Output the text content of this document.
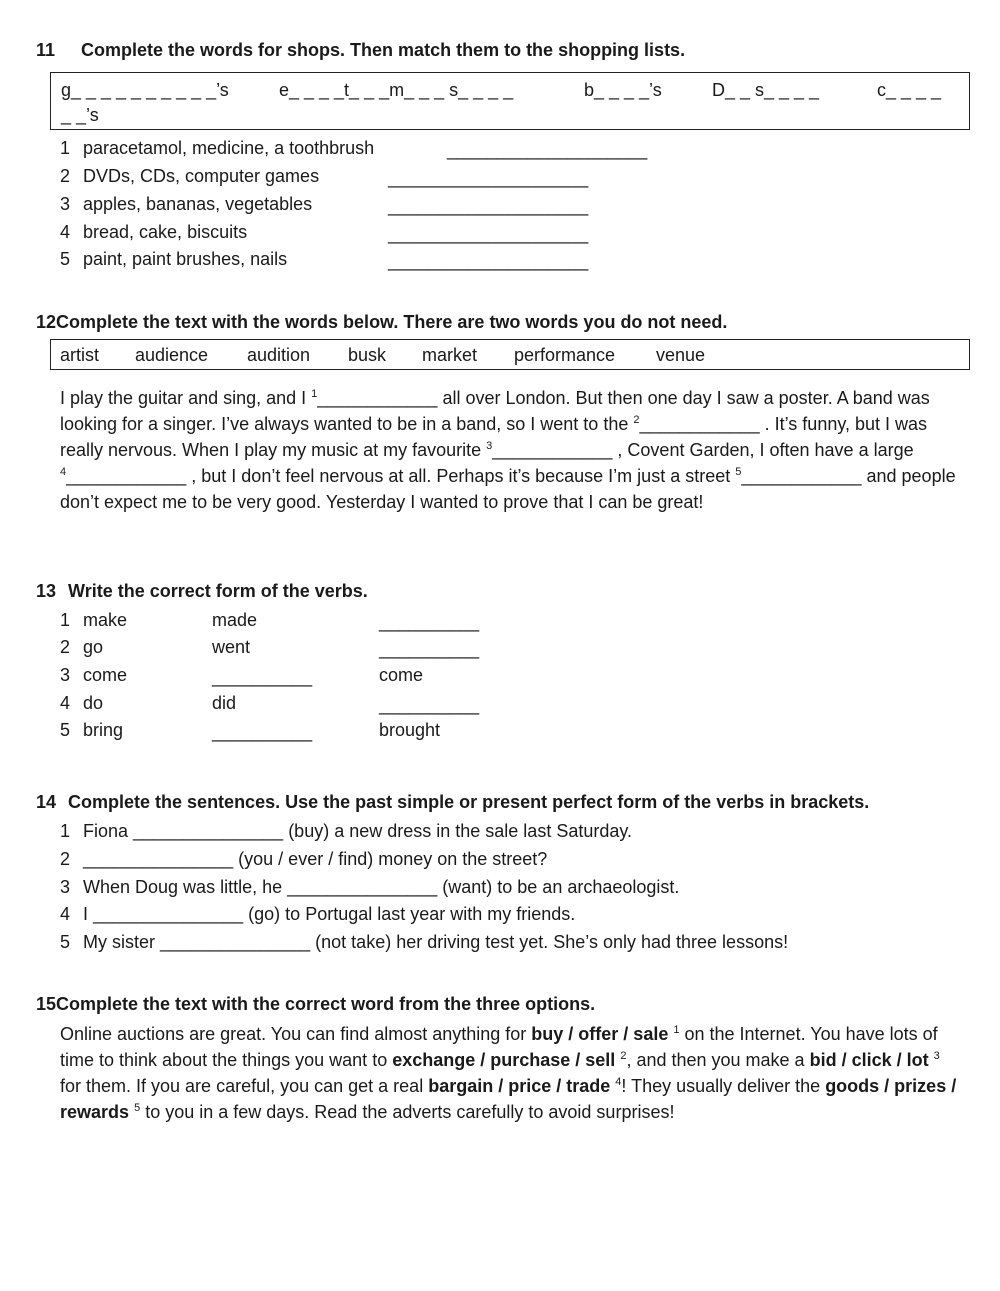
11 Complete the words for shops. Then match them to the shopping lists.
g_ _ _ _ _ _ _ _ _ _’s	e_ _ _ _t_ _ _m_ _ _ s_ _ _ _	b_ _ _ _’s	D_ _ s_ _ _ _	c_ _ _ _
_ _’s
1 paracetamol, medicine, a toothbrush	____________________
2 DVDs, CDs, computer games	____________________
3 apples, bananas, vegetables	____________________
4 bread, cake, biscuits	____________________
5 paint, paint brushes, nails	____________________
12Complete the text with the words below. There are two words you do not need.
artist audience audition busk market performance venue
I play the guitar and sing, and I $^1$____________ all over London. But then one day I saw a poster. A band was looking for a singer. I’ve always wanted to be in a band, so I went to the $^2$____________ . It’s funny, but I was really nervous. When I play my music at my favourite $^3$____________ , Covent Garden, I often have a large $^4$____________ , but I don’t feel nervous at all. Perhaps it’s because I’m just a street $^5$____________ and people don’t expect me to be very good. Yesterday I wanted to prove that I can be great!
13 Write the correct form of the verbs.
1 make	made	__________
2 go	went	__________
3 come	__________	come
4 do	did	__________
5 bring	__________	brought
14 Complete the sentences. Use the past simple or present perfect form of the verbs in brackets.
1 Fiona _______________ (buy) a new dress in the sale last Saturday.
2 _______________ (you / ever / find) money on the street?
3 When Doug was little, he _______________ (want) to be an archaeologist.
4 I _______________ (go) to Portugal last year with my friends.
5 My sister _______________ (not take) her driving test yet. She’s only had three lessons!
15Complete the text with the correct word from the three options.
Online auctions are great. You can find almost anything for buy / offer / sale $^1$ on the Internet. You have lots of time to think about the things you want to exchange / purchase / sell $^2$, and then you make a bid / click / lot $^3$ for them. If you are careful, you can get a real bargain / price / trade $^4$! They usually deliver the goods / prizes / rewards $^5$ to you in a few days. Read the adverts carefully to avoid surprises!
